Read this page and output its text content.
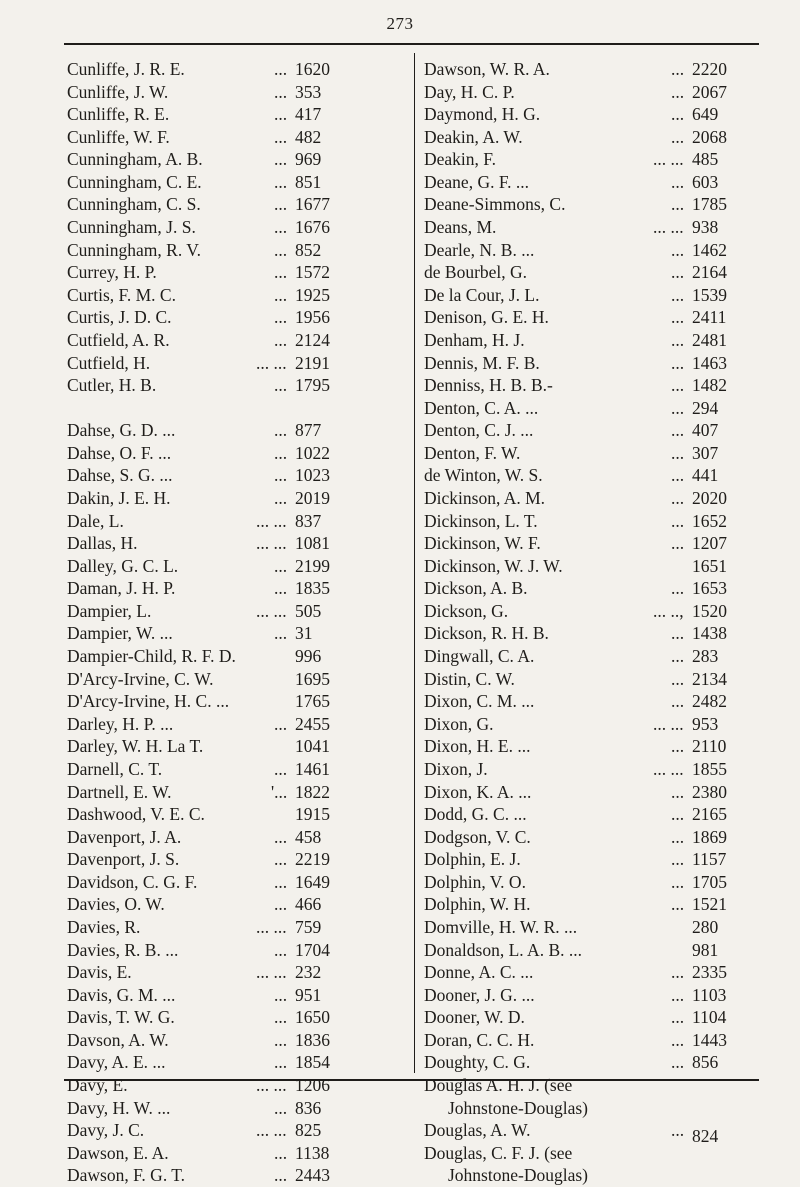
273
Cunliffe, J. R. E.	... 1620
Cunliffe, J. W.	... 353
Cunliffe, R. E.	... 417
Cunliffe, W. F.	... 482
Cunningham, A. B.	... 969
Cunningham, C. E.	... 851
Cunningham, C. S.	... 1677
Cunningham, J. S.	... 1676
Cunningham, R. V.	... 852
Currey, H. P.	... 1572
Curtis, F. M. C.	... 1925
Curtis, J. D. C.	... 1956
Cutfield, A. R.	... 2124
Cutfield, H.	... ... 2191
Cutler, H. B.	... 1795
Dahse, G. D. ...	... 877
Dahse, O. F. ...	... 1022
Dahse, S. G. ...	... 1023
Dakin, J. E. H.	... 2019
Dale, L.	... ... 837
Dallas, H.	... ... 1081
Dalley, G. C. L.	... 2199
Daman, J. H. P.	... 1835
Dampier, L.	... ... 505
Dampier, W. ...	... 31
Dampier-Child, R. F. D.	996
D'Arcy-Irvine, C. W.	1695
D'Arcy-Irvine, H. C. ...	1765
Darley, H. P. ...	... 2455
Darley, W. H. La T.	1041
Darnell, C. T.	... 1461
Dartnell, E. W.	'... 1822
Dashwood, V. E. C.	1915
Davenport, J. A.	... 458
Davenport, J. S.	... 2219
Davidson, C. G. F.	... 1649
Davies, O. W.	... 466
Davies, R.	... ... 759
Davies, R. B. ...	... 1704
Davis, E.	... ... 232
Davis, G. M. ...	... 951
Davis, T. W. G.	... 1650
Davson, A. W.	... 1836
Davy, A. E. ...	... 1854
Davy, E.	... ... 1206
Davy, H. W. ...	... 836
Davy, J. C.	... ... 825
Dawson, E. A.	... 1138
Dawson, F. G. T.	... 2443
Dawson, W. R. A.	... 2220
Day, H. C. P.	... 2067
Daymond, H. G.	... 649
Deakin, A. W.	... 2068
Deakin, F.	... ... 485
Deane, G. F. ...	... 603
Deane-Simmons, C.	... 1785
Deans, M.	... ... 938
Dearle, N. B. ...	... 1462
de Bourbel, G.	... 2164
De la Cour, J. L.	... 1539
Denison, G. E. H.	... 2411
Denham, H. J.	... 2481
Dennis, M. F. B.	... 1463
Denniss, H. B. B.-	... 1482
Denton, C. A. ...	... 294
Denton, C. J. ...	... 407
Denton, F. W.	... 307
de Winton, W. S.	... 441
Dickinson, A. M.	... 2020
Dickinson, L. T.	... 1652
Dickinson, W. F.	... 1207
Dickinson, W. J. W.	1651
Dickson, A. B.	... 1653
Dickson, G.	... .., 1520
Dickson, R. H. B.	... 1438
Dingwall, C. A.	... 283
Distin, C. W.	... 2134
Dixon, C. M. ...	... 2482
Dixon, G.	... ... 953
Dixon, H. E. ...	... 2110
Dixon, J.	... ... 1855
Dixon, K. A. ...	... 2380
Dodd, G. C. ...	... 2165
Dodgson, V. C.	... 1869
Dolphin, E. J.	... 1157
Dolphin, V. O.	... 1705
Dolphin, W. H.	... 1521
Domville, H. W. R. ...	280
Donaldson, L. A. B. ...	981
Donne, A. C. ...	... 2335
Dooner, J. G. ...	... 1103
Dooner, W. D.	... 1104
Doran, C. C. H.	... 1443
Doughty, C. G.	... 856
Douglas A. H. J. (see
Johnstone-Douglas)
Douglas, A. W.	... 824
Douglas, C. F. J. (see
Johnstone-Douglas)
